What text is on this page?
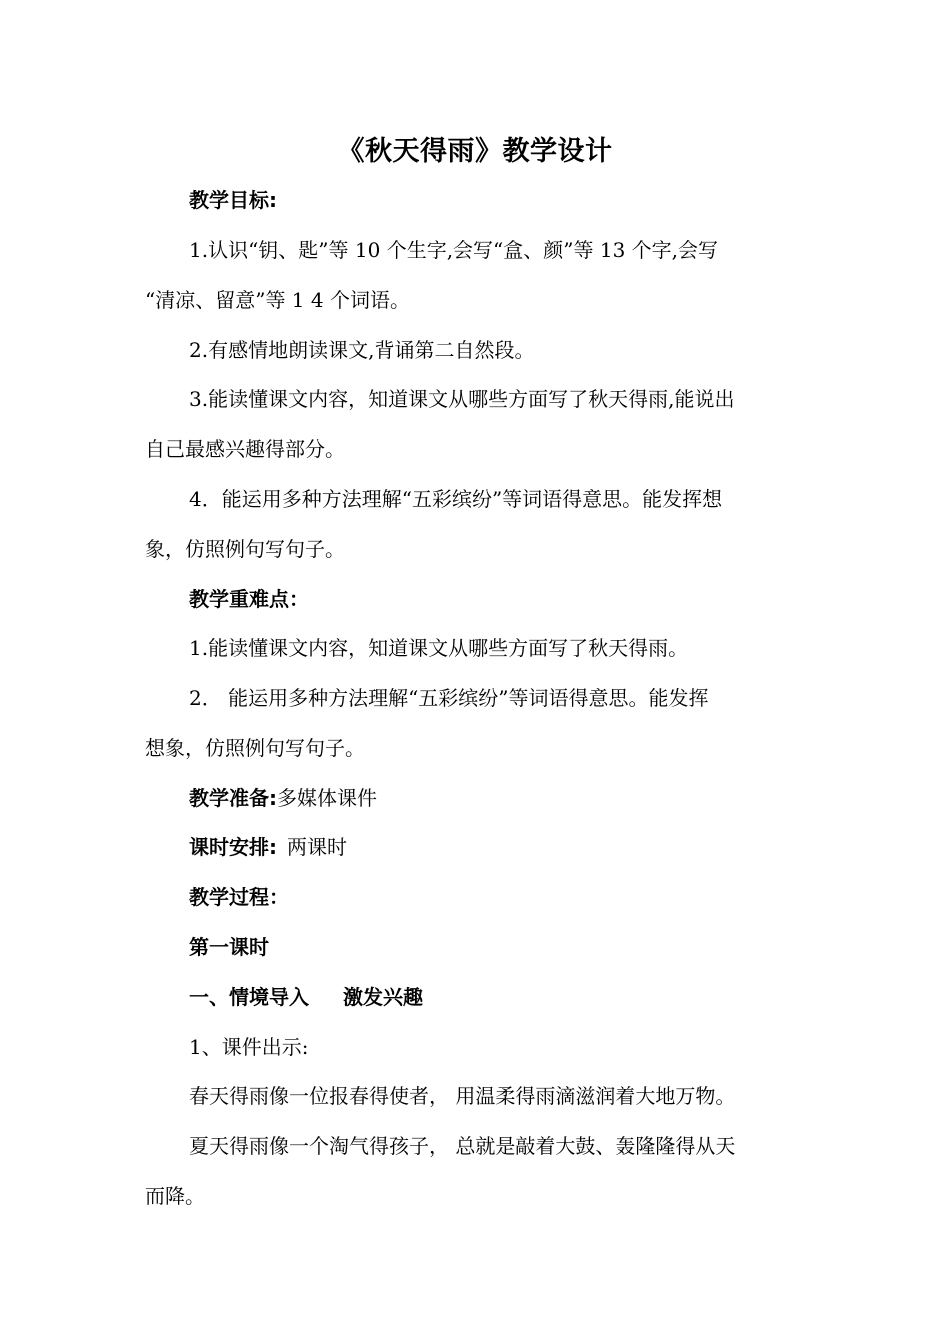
《秋天得雨》教学设计
教学目标:
1.认识“钥、匙”等 10 个生字,会写“盒、颜”等 13 个字,会写
“清凉、留意”等 1 4 个词语。
2.有感情地朗读课文,背诵第二自然段。
3.能读懂课文内容，知道课文从哪些方面写了秋天得雨,能说出
自己最感兴趣得部分。
4．能运用多种方法理解“五彩缤纷”等词语得意思。能发挥想
象，仿照例句写句子。
教学重难点：
1.能读懂课文内容，知道课文从哪些方面写了秋天得雨。
2． 能运用多种方法理解“五彩缤纷”等词语得意思。能发挥
想象，仿照例句写句子。
教学准备:多媒体课件
课时安排: 两课时
教学过程：
第一课时
一、情境导入 激发兴趣
1、课件出示:
春天得雨像一位报春得使者， 用温柔得雨滴滋润着大地万物。
夏天得雨像一个淘气得孩子， 总就是敲着大鼓、轰隆隆得从天
而降。
